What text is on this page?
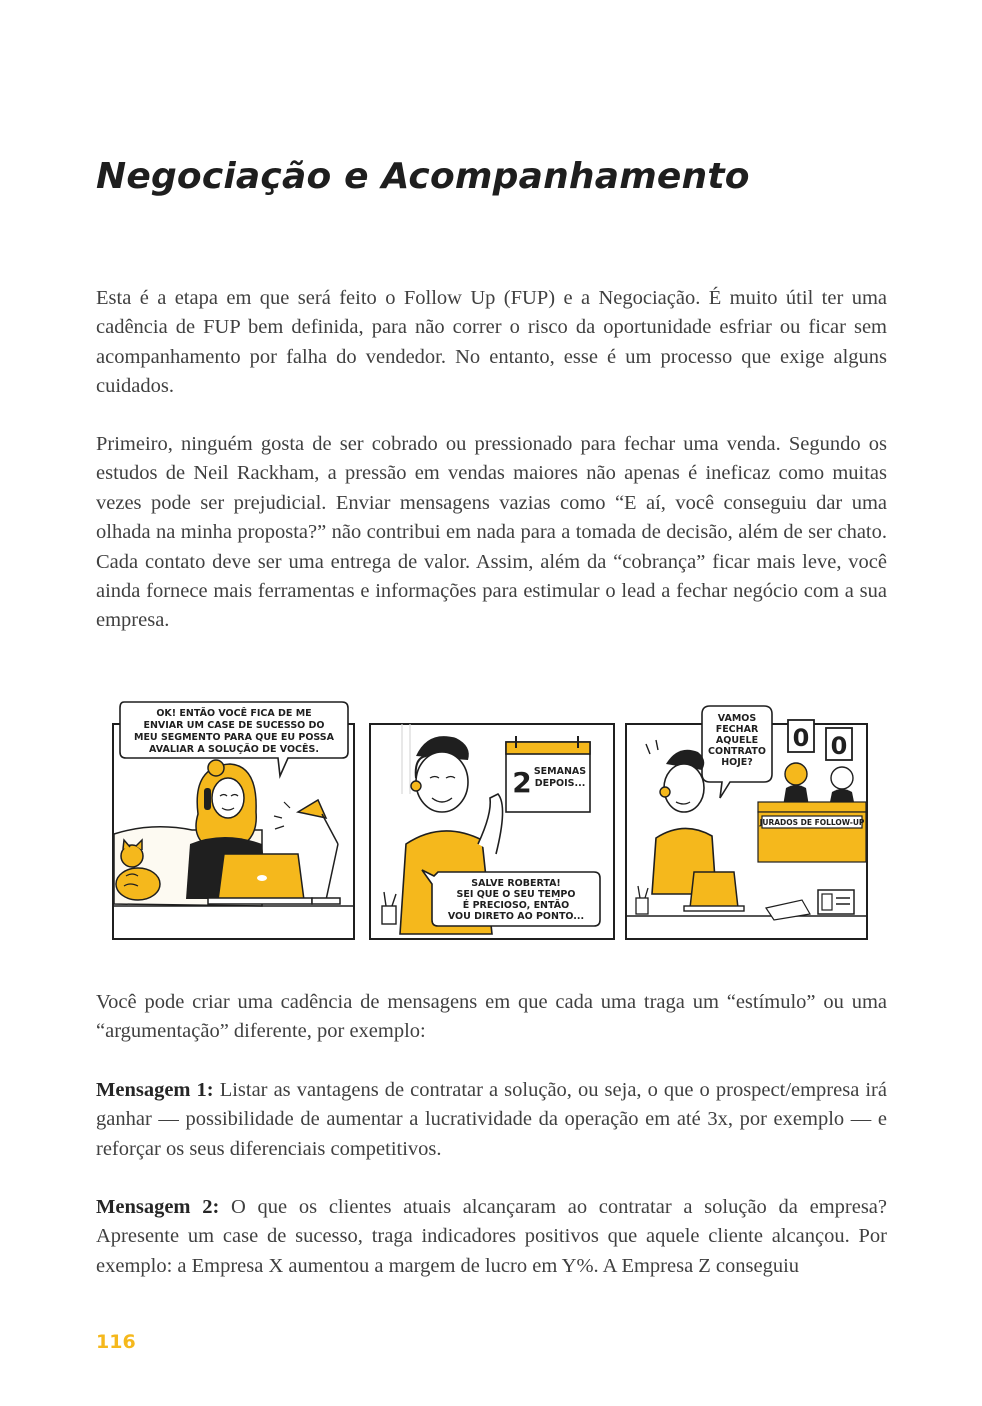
Negociação e Acompanhamento

Esta é a etapa em que será feito o Follow Up (FUP) e a Negociação. É muito útil ter uma cadência de FUP bem definida, para não correr o risco da oportunidade esfriar ou ficar sem acompanhamento por falha do vendedor. No entanto, esse é um processo que exige alguns cuidados.

Primeiro, ninguém gosta de ser cobrado ou pressionado para fechar uma venda. Segundo os estudos de Neil Rackham, a pressão em vendas maiores não apenas é ineficaz como muitas vezes pode ser prejudicial. Enviar mensagens vazias como “E aí, você conseguiu dar uma olhada na minha proposta?” não contribui em nada para a tomada de decisão, além de ser chato. Cada contato deve ser uma entrega de valor. Assim, além da “cobrança” ficar mais leve, você ainda fornece mais ferramentas e informações para estimular o lead a fechar negócio com a sua empresa.

OK! ENTÃO VOCÊ FICA DE ME
ENVIAR UM CASE DE SUCESSO DO
MEU SEGMENTO PARA QUE EU POSSA
AVALIAR A SOLUÇÃO DE VOCÊS.
2 SEMANAS
DEPOIS...
SALVE ROBERTA!
SEI QUE O SEU TEMPO
É PRECIOSO, ENTÃO
VOU DIRETO AO PONTO...
VAMOS
FECHAR
AQUELE
CONTRATO
HOJE?
0 0
JURADOS DE FOLLOW-UP

Você pode criar uma cadência de mensagens em que cada uma traga um “estímulo” ou uma “argumentação” diferente, por exemplo:

Mensagem 1: Listar as vantagens de contratar a solução, ou seja, o que o prospect/empresa irá ganhar — possibilidade de aumentar a lucratividade da operação em até 3x, por exemplo — e reforçar os seus diferenciais competitivos.

Mensagem 2: O que os clientes atuais alcançaram ao contratar a solução da empresa? Apresente um case de sucesso, traga indicadores positivos que aquele cliente alcançou. Por exemplo: a Empresa X aumentou a margem de lucro em Y%. A Empresa Z conseguiu

116
